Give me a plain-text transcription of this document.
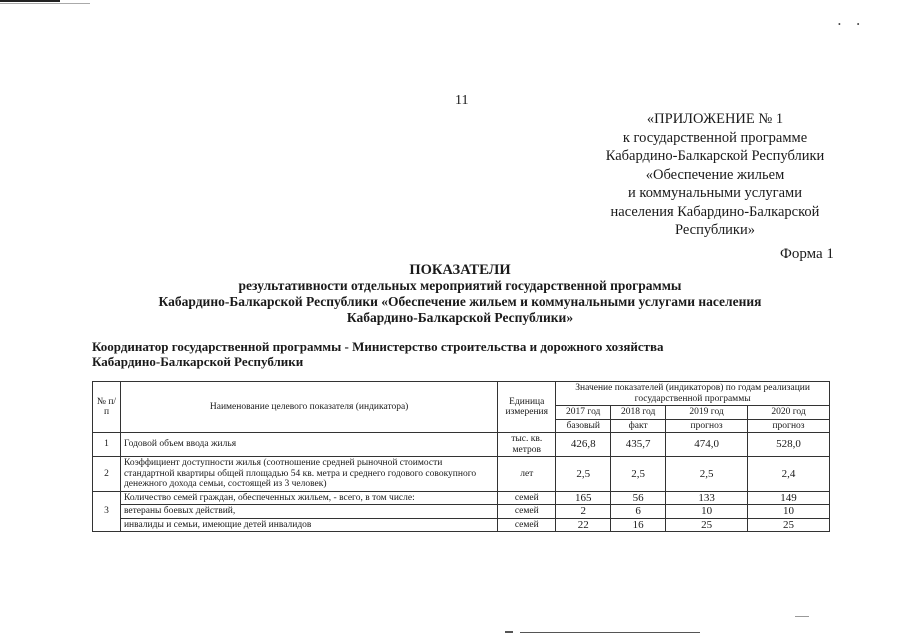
•        •
11
«ПРИЛОЖЕНИЕ № 1
к государственной программе
Кабардино-Балкарской Республики
«Обеспечение жильем
и коммунальными услугами
населения Кабардино-Балкарской
Республики»
Форма 1
ПОКАЗАТЕЛИ
результативности отдельных мероприятий государственной программы
Кабардино-Балкарской Республики «Обеспечение жильем и коммунальными услугами населения
Кабардино-Балкарской Республики»
Координатор государственной программы - Министерство строительства и дорожного хозяйства
Кабардино-Балкарской Республики
№ п/п	Наименование целевого показателя (индикатора)	Единица измерения	Значение показателей (индикаторов) по годам реализации государственной программы			
			2017 год	2018 год	2019 год	2020 год
			базовый	факт	прогноз	прогноз
1	Годовой объем ввода жилья	тыс. кв. метров	426,8	435,7	474,0	528,0
2	Коэффициент доступности жилья (соотношение средней рыночной стоимости стандартной квартиры общей площадью 54 кв. метра и среднего годового совокупного денежного дохода семьи, состоящей из 3 человек)	лет	2,5	2,5	2,5	2,4
3	Количество семей граждан, обеспеченных жильем, - всего, в том числе:	семей	165	56	133	149
	ветераны боевых действий,	семей	2	6	10	10
	инвалиды и семьи, имеющие детей инвалидов	семей	22	16	25	25
